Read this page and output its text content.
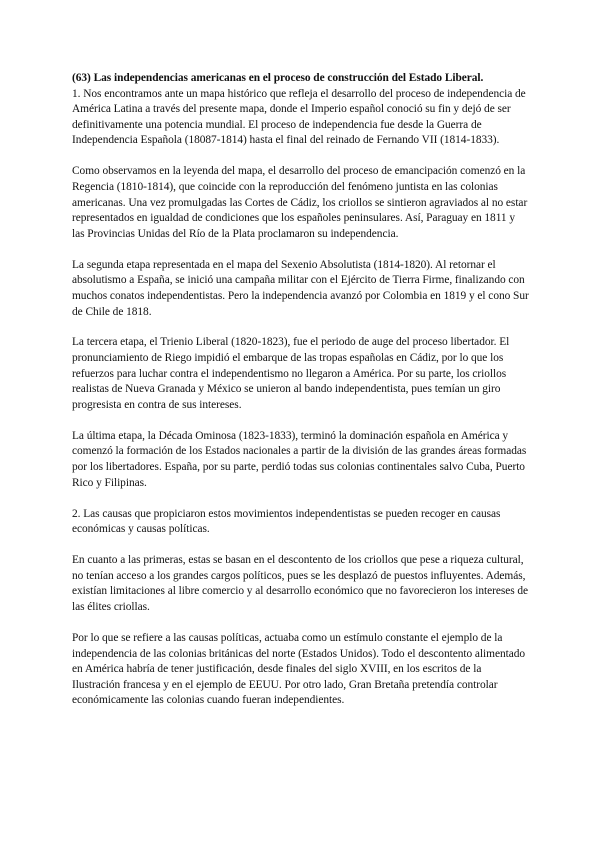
(63) Las independencias americanas en el proceso de construcción del Estado Liberal.
1. Nos encontramos ante un mapa histórico que refleja el desarrollo del proceso de independencia de América Latina a través del presente mapa, donde el Imperio español conoció su fin y dejó de ser definitivamente una potencia mundial. El proceso de independencia fue desde la Guerra de Independencia Española (18087-1814) hasta el final del reinado de Fernando VII (1814-1833).

Como observamos en la leyenda del mapa, el desarrollo del proceso de emancipación comenzó en la Regencia (1810-1814), que coincide con la reproducción del fenómeno juntista en las colonias americanas. Una vez promulgadas las Cortes de Cádiz, los criollos se sintieron agraviados al no estar representados en igualdad de condiciones que los españoles peninsulares. Así, Paraguay en 1811 y las Provincias Unidas del Río de la Plata proclamaron su independencia.

La segunda etapa representada en el mapa del Sexenio Absolutista (1814-1820). Al retornar el absolutismo a España, se inició una campaña militar con el Ejército de Tierra Firme, finalizando con muchos conatos independentistas. Pero la independencia avanzó por Colombia en 1819 y el cono Sur de Chile de 1818.

La tercera etapa, el Trienio Liberal (1820-1823), fue el periodo de auge del proceso libertador. El pronunciamiento de Riego impidió el embarque de las tropas españolas en Cádiz, por lo que los refuerzos para luchar contra el independentismo no llegaron a América. Por su parte, los criollos realistas de Nueva Granada y México se unieron al bando independentista, pues temían un giro progresista en contra de sus intereses.

La última etapa, la Década Ominosa (1823-1833), terminó la dominación española en América y comenzó la formación de los Estados nacionales a partir de la división de las grandes áreas formadas por los libertadores. España, por su parte, perdió todas sus colonias continentales salvo Cuba, Puerto Rico y Filipinas.

2. Las causas que propiciaron estos movimientos independentistas se pueden recoger en causas económicas y causas políticas.

En cuanto a las primeras, estas se basan en el descontento de los criollos que pese a riqueza cultural, no tenían acceso a los grandes cargos políticos, pues se les desplazó de puestos influyentes. Además, existían limitaciones al libre comercio y al desarrollo económico que no favorecieron los intereses de las élites criollas.

Por lo que se refiere a las causas políticas, actuaba como un estímulo constante el ejemplo de la independencia de las colonias británicas del norte (Estados Unidos). Todo el descontento alimentado en América habría de tener justificación, desde finales del siglo XVIII, en los escritos de la Ilustración francesa y en el ejemplo de EEUU. Por otro lado, Gran Bretaña pretendía controlar económicamente las colonias cuando fueran independientes.
